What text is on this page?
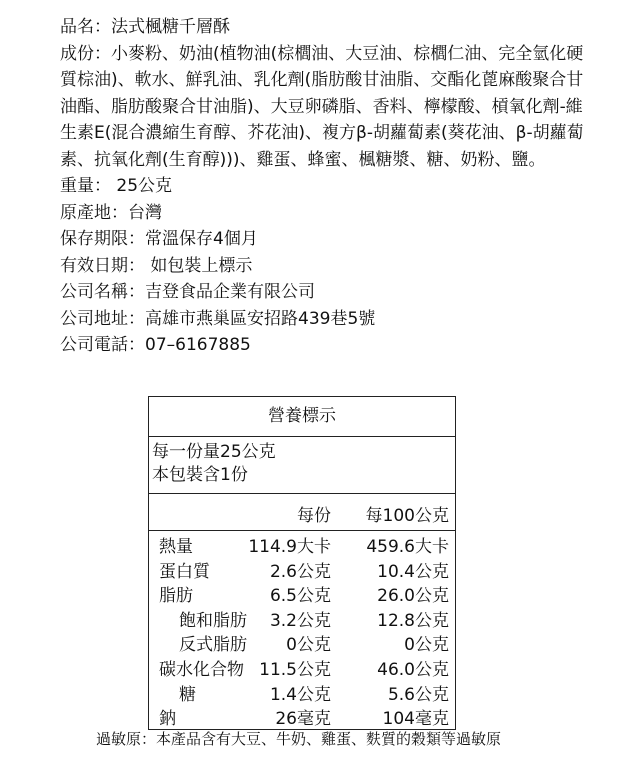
品名：法式楓糖千層酥

成份：小麥粉、奶油(植物油(棕櫚油、大豆油、棕櫚仁油、完全氫化硬質棕油)、軟水、鮮乳油、乳化劑(脂肪酸甘油脂、交酯化蓖麻酸聚合甘油酯、脂肪酸聚合甘油脂)、大豆卵磷脂、香料、檸檬酸、槓氧化劑-維生素E(混合濃縮生育醇、芥花油)、複方β-胡蘿蔔素(葵花油、β-胡蘿蔔素、抗氧化劑(生育醇)))、雞蛋、蜂蜜、楓糖漿、糖、奶粉、鹽。

重量： 25公克

原產地：台灣

保存期限：常溫保存4個月

有效日期： 如包裝上標示

公司名稱：吉登食品企業有限公司

公司地址：高雄市燕巢區安招路439巷5號

公司電話：07–6167885

營養標示
每一份量25公克
本包裝含1份
每份 每100公克
熱量	114.9大卡 459.6大卡
蛋白質	2.6公克	10.4公克
脂肪	6.5公克	26.0公克
飽和脂肪 3.2公克	12.8公克
反式脂肪 0公克	0公克
碳水化合物 11.5公克	46.0公克
糖	1.4公克	5.6公克
鈉	26毫克	104毫克
過敏原：本產品含有大豆、牛奶、雞蛋、麩質的穀類等過敏原
